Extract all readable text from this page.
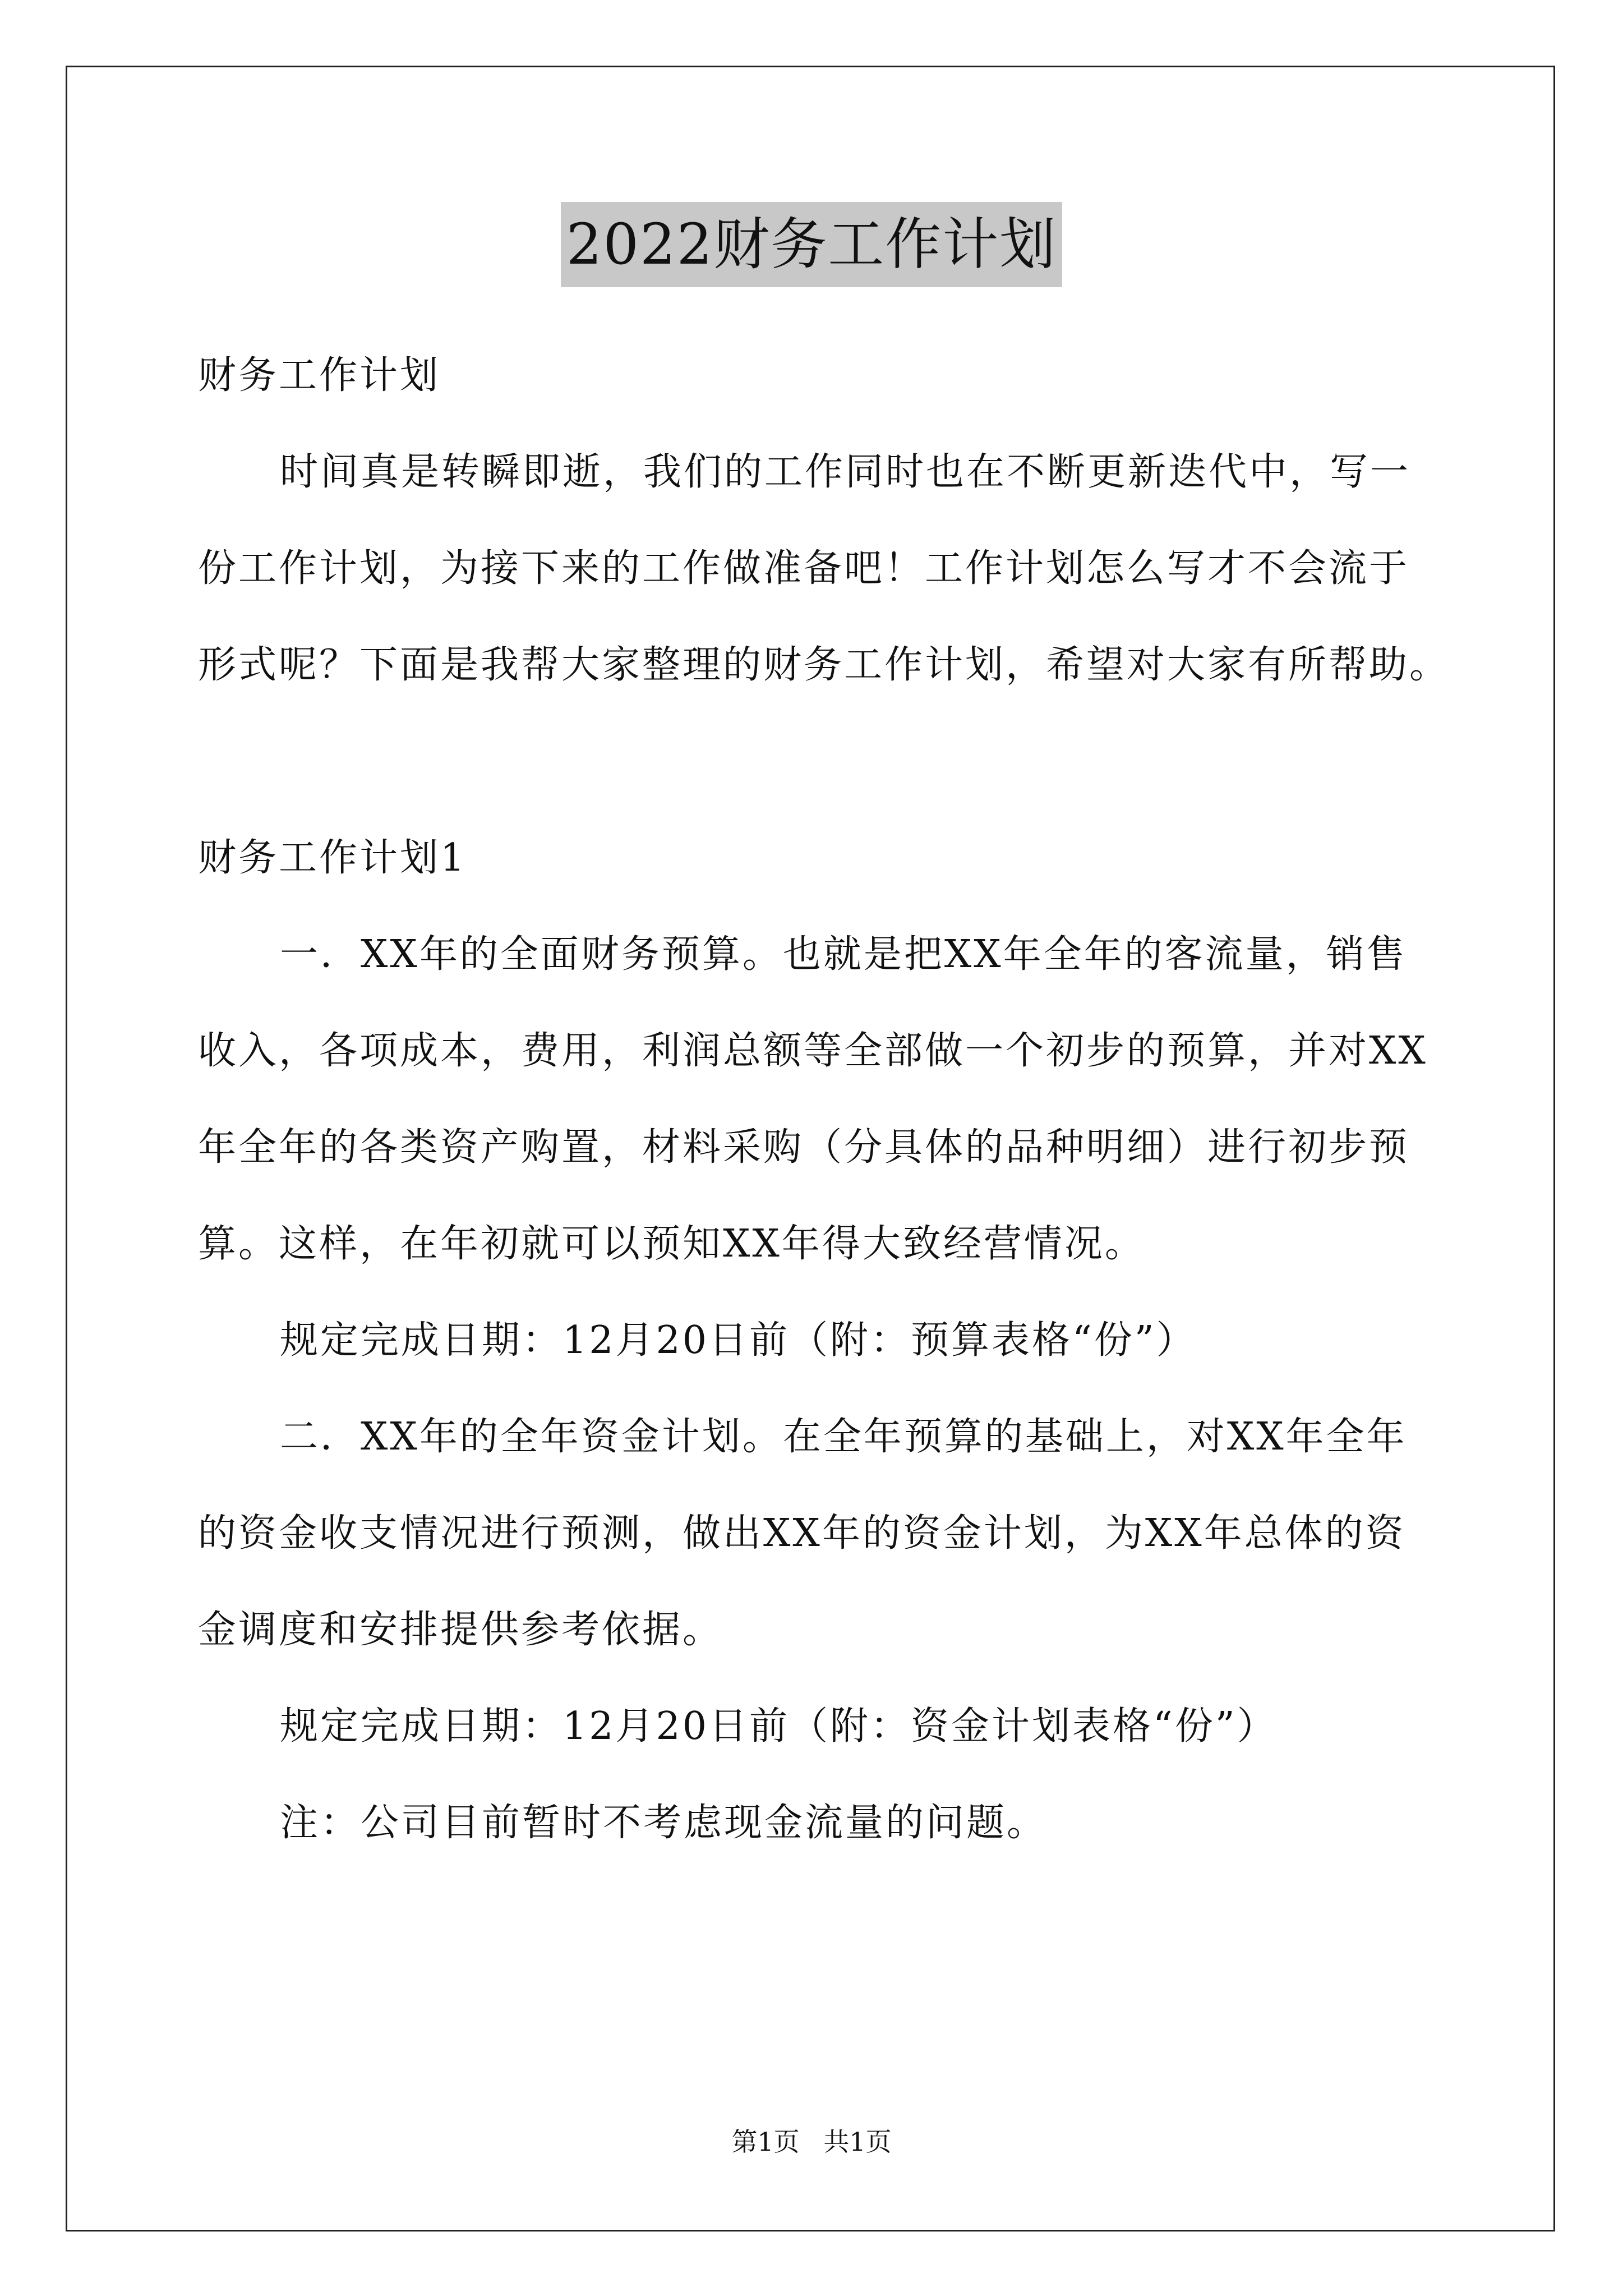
2022财务工作计划
财务工作计划
时间真是转瞬即逝，我们的工作同时也在不断更新迭代中，写一
份工作计划，为接下来的工作做准备吧！工作计划怎么写才不会流于
形式呢？下面是我帮大家整理的财务工作计划，希望对大家有所帮助。
财务工作计划1
一．XX年的全面财务预算。也就是把XX年全年的客流量，销售
收入，各项成本，费用，利润总额等全部做一个初步的预算，并对XX
年全年的各类资产购置，材料采购（分具体的品种明细）进行初步预
算。这样，在年初就可以预知XX年得大致经营情况。
规定完成日期：12月20日前（附：预算表格“份”）
二．XX年的全年资金计划。在全年预算的基础上，对XX年全年
的资金收支情况进行预测，做出XX年的资金计划，为XX年总体的资
金调度和安排提供参考依据。
规定完成日期：12月20日前（附：资金计划表格“份”）
注：公司目前暂时不考虑现金流量的问题。
第1页 共1页
